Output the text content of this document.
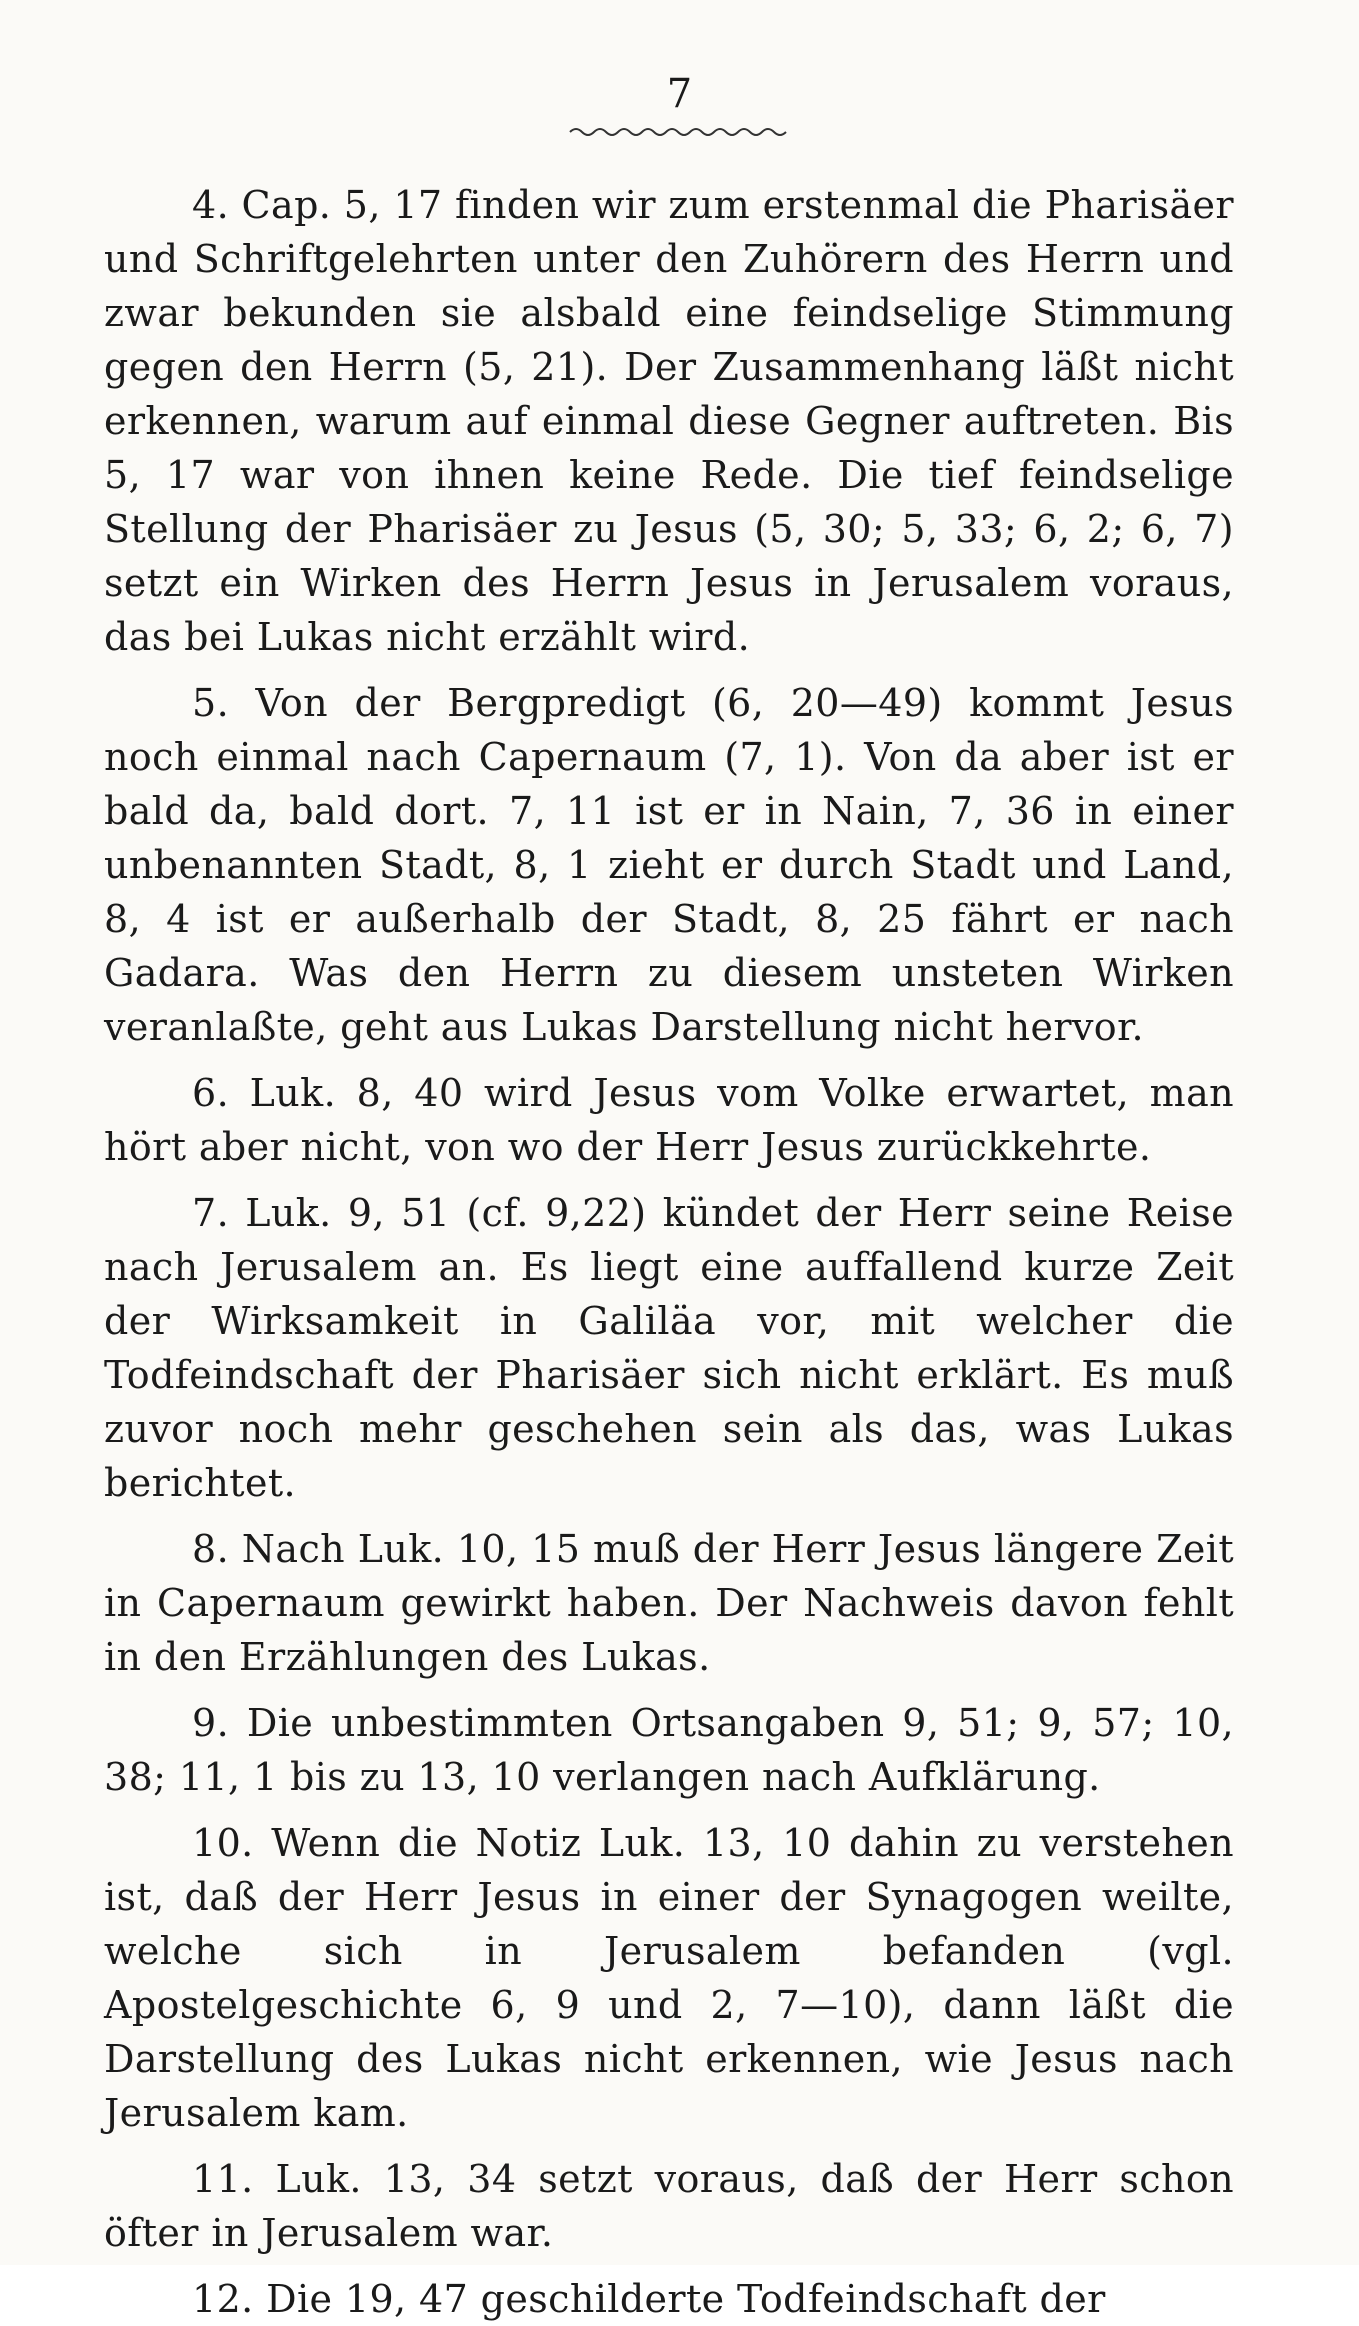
7

4. Cap. 5, 17 finden wir zum erstenmal die Pharisäer und Schriftgelehrten unter den Zuhörern des Herrn und zwar bekunden sie alsbald eine feindselige Stimmung gegen den Herrn (5, 21). Der Zusammenhang läßt nicht erkennen, warum auf einmal diese Gegner auftreten. Bis 5, 17 war von ihnen keine Rede. Die tief feindselige Stellung der Pharisäer zu Jesus (5, 30; 5, 33; 6, 2; 6, 7) setzt ein Wirken des Herrn Jesus in Jerusalem voraus, das bei Lukas nicht erzählt wird.

5. Von der Bergpredigt (6, 20—49) kommt Jesus noch einmal nach Capernaum (7, 1). Von da aber ist er bald da, bald dort. 7, 11 ist er in Nain, 7, 36 in einer unbenannten Stadt, 8, 1 zieht er durch Stadt und Land, 8, 4 ist er außerhalb der Stadt, 8, 25 fährt er nach Gadara. Was den Herrn zu diesem unsteten Wirken veranlaßte, geht aus Lukas Darstellung nicht hervor.

6. Luk. 8, 40 wird Jesus vom Volke erwartet, man hört aber nicht, von wo der Herr Jesus zurückkehrte.

7. Luk. 9, 51 (cf. 9,22) kündet der Herr seine Reise nach Jerusalem an. Es liegt eine auffallend kurze Zeit der Wirksamkeit in Galiläa vor, mit welcher die Todfeindschaft der Pharisäer sich nicht erklärt. Es muß zuvor noch mehr geschehen sein als das, was Lukas berichtet.

8. Nach Luk. 10, 15 muß der Herr Jesus längere Zeit in Capernaum gewirkt haben. Der Nachweis davon fehlt in den Erzählungen des Lukas.

9. Die unbestimmten Ortsangaben 9, 51; 9, 57; 10, 38; 11, 1 bis zu 13, 10 verlangen nach Aufklärung.

10. Wenn die Notiz Luk. 13, 10 dahin zu verstehen ist, daß der Herr Jesus in einer der Synagogen weilte, welche sich in Jerusalem befanden (vgl. Apostelgeschichte 6, 9 und 2, 7—10), dann läßt die Darstellung des Lukas nicht erkennen, wie Jesus nach Jerusalem kam.

11. Luk. 13, 34 setzt voraus, daß der Herr schon öfter in Jerusalem war.

12. Die 19, 47 geschilderte Todfeindschaft der
